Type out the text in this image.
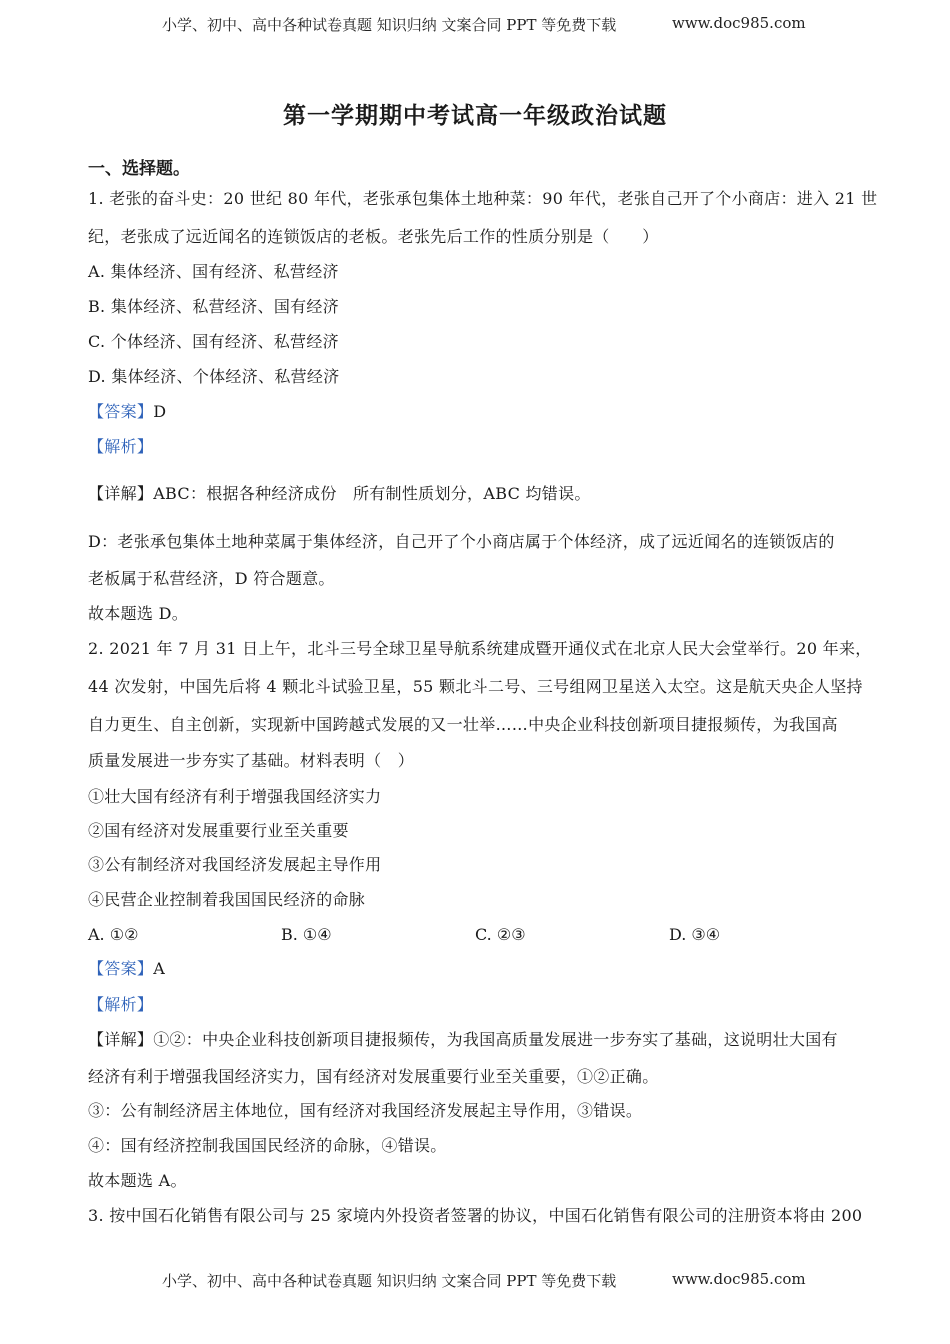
小学、初中、高中各种试卷真题 知识归纳 文案合同 PPT 等免费下载	www.doc985.com
第一学期期中考试高一年级政治试题
一、选择题。
1. 老张的奋斗史：20 世纪 80 年代，老张承包集体土地种菜：90 年代，老张自己开了个小商店：进入 21 世
纪，老张成了远近闻名的连锁饭店的老板。老张先后工作的性质分别是（　　）
A. 集体经济、国有经济、私营经济
B. 集体经济、私营经济、国有经济
C. 个体经济、国有经济、私营经济
D. 集体经济、个体经济、私营经济
【答案】D
【解析】
【详解】ABC：根据各种经济成份　所有制性质划分，ABC 均错误。
D：老张承包集体土地种菜属于集体经济，自己开了个小商店属于个体经济，成了远近闻名的连锁饭店的
老板属于私营经济，D 符合题意。
故本题选 D。
2. 2021 年 7 月 31 日上午，北斗三号全球卫星导航系统建成暨开通仪式在北京人民大会堂举行。20 年来，
44 次发射，中国先后将 4 颗北斗试验卫星，55 颗北斗二号、三号组网卫星送入太空。这是航天央企人坚持
自力更生、自主创新，实现新中国跨越式发展的又一壮举……中央企业科技创新项目捷报频传，为我国高
质量发展进一步夯实了基础。材料表明（　）
①壮大国有经济有利于增强我国经济实力
②国有经济对发展重要行业至关重要
③公有制经济对我国经济发展起主导作用
④民营企业控制着我国国民经济的命脉
A. ①②	B. ①④	C. ②③	D. ③④
【答案】A
【解析】
【详解】①②：中央企业科技创新项目捷报频传，为我国高质量发展进一步夯实了基础，这说明壮大国有
经济有利于增强我国经济实力，国有经济对发展重要行业至关重要，①②正确。
③：公有制经济居主体地位，国有经济对我国经济发展起主导作用，③错误。
④：国有经济控制我国国民经济的命脉，④错误。
故本题选 A。
3. 按中国石化销售有限公司与 25 家境内外投资者签署的协议，中国石化销售有限公司的注册资本将由 200
小学、初中、高中各种试卷真题 知识归纳 文案合同 PPT 等免费下载	www.doc985.com
